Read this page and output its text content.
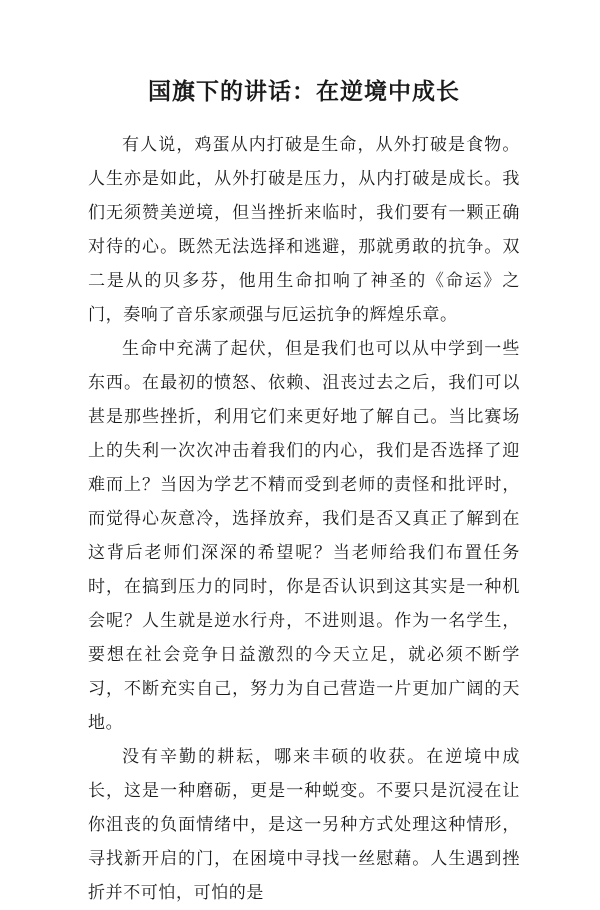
国旗下的讲话：在逆境中成长

有人说，鸡蛋从内打破是生命，从外打破是食物。人生亦是如此，从外打破是压力，从内打破是成长。我们无须赞美逆境，但当挫折来临时，我们要有一颗正确对待的心。既然无法选择和逃避，那就勇敢的抗争。双二是从的贝多芬，他用生命扣响了神圣的《命运》之门，奏响了音乐家顽强与厄运抗争的辉煌乐章。

生命中充满了起伏，但是我们也可以从中学到一些东西。在最初的愤怒、依赖、沮丧过去之后，我们可以甚是那些挫折，利用它们来更好地了解自己。当比赛场上的失利一次次冲击着我们的内心，我们是否选择了迎难而上？当因为学艺不精而受到老师的责怪和批评时，而觉得心灰意冷，选择放弃，我们是否又真正了解到在这背后老师们深深的希望呢？当老师给我们布置任务时，在搞到压力的同时，你是否认识到这其实是一种机会呢？人生就是逆水行舟，不进则退。作为一名学生，要想在社会竞争日益激烈的今天立足，就必须不断学习，不断充实自己，努力为自己营造一片更加广阔的天地。

没有辛勤的耕耘，哪来丰硕的收获。在逆境中成长，这是一种磨砺，更是一种蜕变。不要只是沉浸在让你沮丧的负面情绪中，是这一另种方式处理这种情形，寻找新开启的门，在困境中寻找一丝慰藉。人生遇到挫折并不可怕，可怕的是
